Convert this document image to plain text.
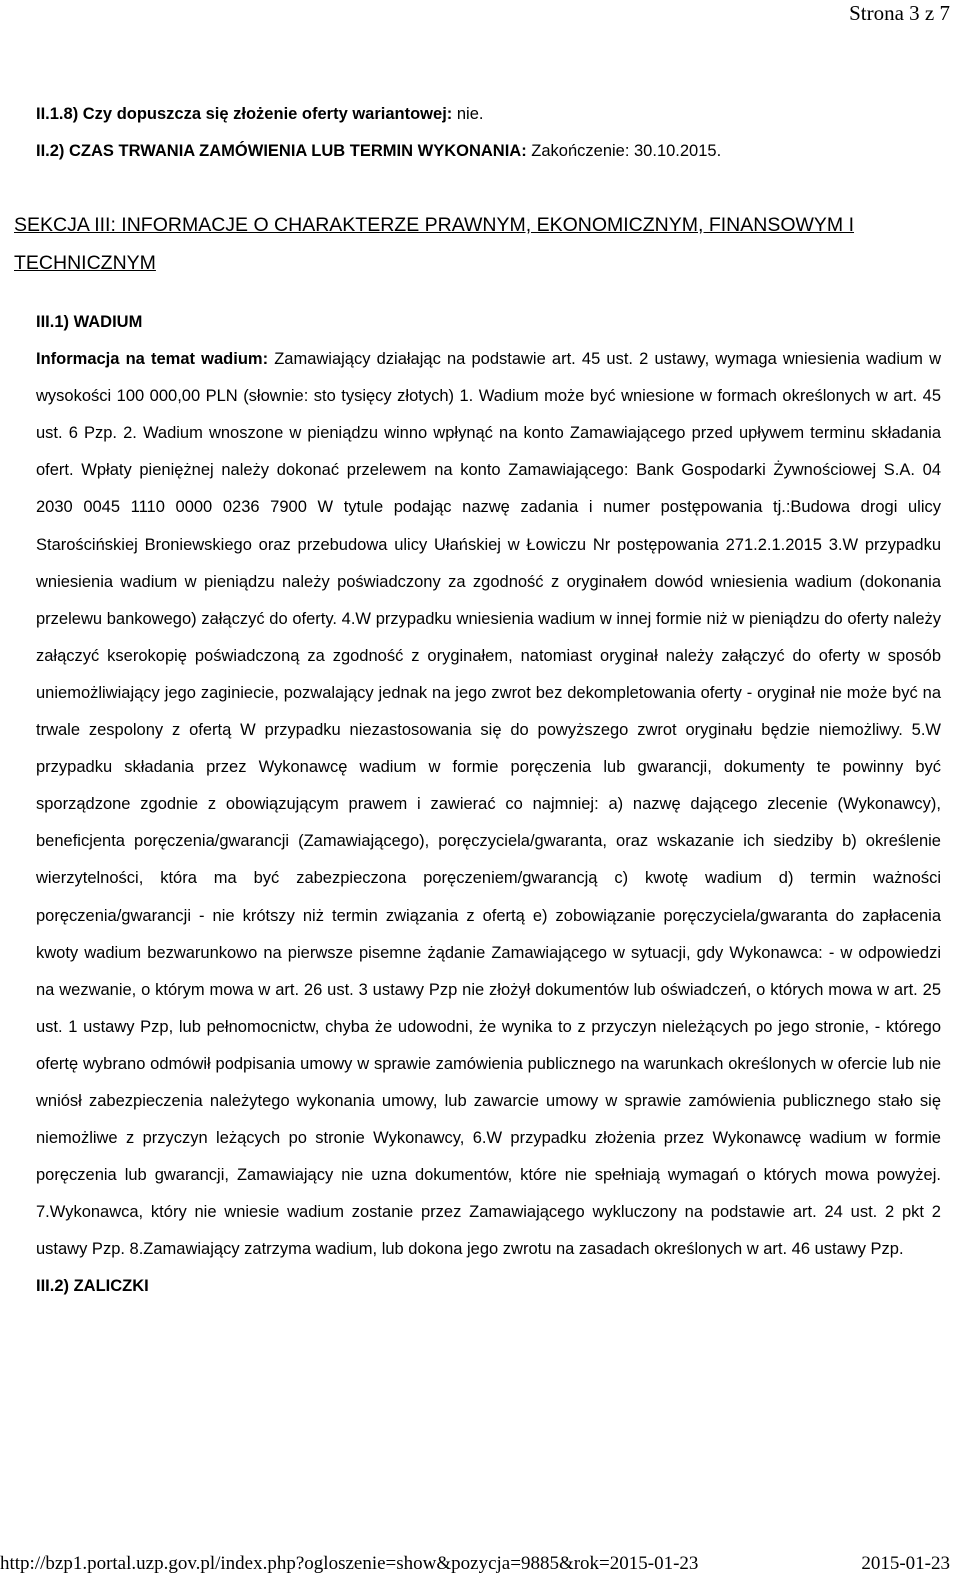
Strona 3 z 7

II.1.8) Czy dopuszcza się złożenie oferty wariantowej: nie.

II.2) CZAS TRWANIA ZAMÓWIENIA LUB TERMIN WYKONANIA: Zakończenie: 30.10.2015.

SEKCJA III: INFORMACJE O CHARAKTERZE PRAWNYM, EKONOMICZNYM, FINANSOWYM I TECHNICZNYM

III.1) WADIUM

Informacja na temat wadium: Zamawiający działając na podstawie art. 45 ust. 2 ustawy, wymaga wniesienia wadium w wysokości 100 000,00 PLN (słownie: sto tysięcy złotych) 1. Wadium może być wniesione w formach określonych w art. 45 ust. 6 Pzp. 2. Wadium wnoszone w pieniądzu winno wpłynąć na konto Zamawiającego przed upływem terminu składania ofert. Wpłaty pieniężnej należy dokonać przelewem na konto Zamawiającego: Bank Gospodarki Żywnościowej S.A. 04 2030 0045 1110 0000 0236 7900 W tytule podając nazwę zadania i numer postępowania tj.:Budowa drogi ulicy Starościńskiej Broniewskiego oraz przebudowa ulicy Ułańskiej w Łowiczu Nr postępowania 271.2.1.2015 3.W przypadku wniesienia wadium w pieniądzu należy poświadczony za zgodność z oryginałem dowód wniesienia wadium (dokonania przelewu bankowego) załączyć do oferty. 4.W przypadku wniesienia wadium w innej formie niż w pieniądzu do oferty należy załączyć kserokopię poświadczoną za zgodność z oryginałem, natomiast oryginał należy załączyć do oferty w sposób uniemożliwiający jego zaginiecie, pozwalający jednak na jego zwrot bez dekompletowania oferty - oryginał nie może być na trwale zespolony z ofertą W przypadku niezastosowania się do powyższego zwrot oryginału będzie niemożliwy. 5.W przypadku składania przez Wykonawcę wadium w formie poręczenia lub gwarancji, dokumenty te powinny być sporządzone zgodnie z obowiązującym prawem i zawierać co najmniej: a) nazwę dającego zlecenie (Wykonawcy), beneficjenta poręczenia/gwarancji (Zamawiającego), poręczyciela/gwaranta, oraz wskazanie ich siedziby b) określenie wierzytelności, która ma być zabezpieczona poręczeniem/gwarancją c) kwotę wadium d) termin ważności poręczenia/gwarancji - nie krótszy niż termin związania z ofertą e) zobowiązanie poręczyciela/gwaranta do zapłacenia kwoty wadium bezwarunkowo na pierwsze pisemne żądanie Zamawiającego w sytuacji, gdy Wykonawca: - w odpowiedzi na wezwanie, o którym mowa w art. 26 ust. 3 ustawy Pzp nie złożył dokumentów lub oświadczeń, o których mowa w art. 25 ust. 1 ustawy Pzp, lub pełnomocnictw, chyba że udowodni, że wynika to z przyczyn nieleżących po jego stronie, - którego ofertę wybrano odmówił podpisania umowy w sprawie zamówienia publicznego na warunkach określonych w ofercie lub nie wniósł zabezpieczenia należytego wykonania umowy, lub zawarcie umowy w sprawie zamówienia publicznego stało się niemożliwe z przyczyn leżących po stronie Wykonawcy, 6.W przypadku złożenia przez Wykonawcę wadium w formie poręczenia lub gwarancji, Zamawiający nie uzna dokumentów, które nie spełniają wymagań o których mowa powyżej. 7.Wykonawca, który nie wniesie wadium zostanie przez Zamawiającego wykluczony na podstawie art. 24 ust. 2 pkt 2 ustawy Pzp. 8.Zamawiający zatrzyma wadium, lub dokona jego zwrotu na zasadach określonych w art. 46 ustawy Pzp.

III.2) ZALICZKI

http://bzp1.portal.uzp.gov.pl/index.php?ogloszenie=show&pozycja=9885&rok=2015-01-23	2015-01-23
